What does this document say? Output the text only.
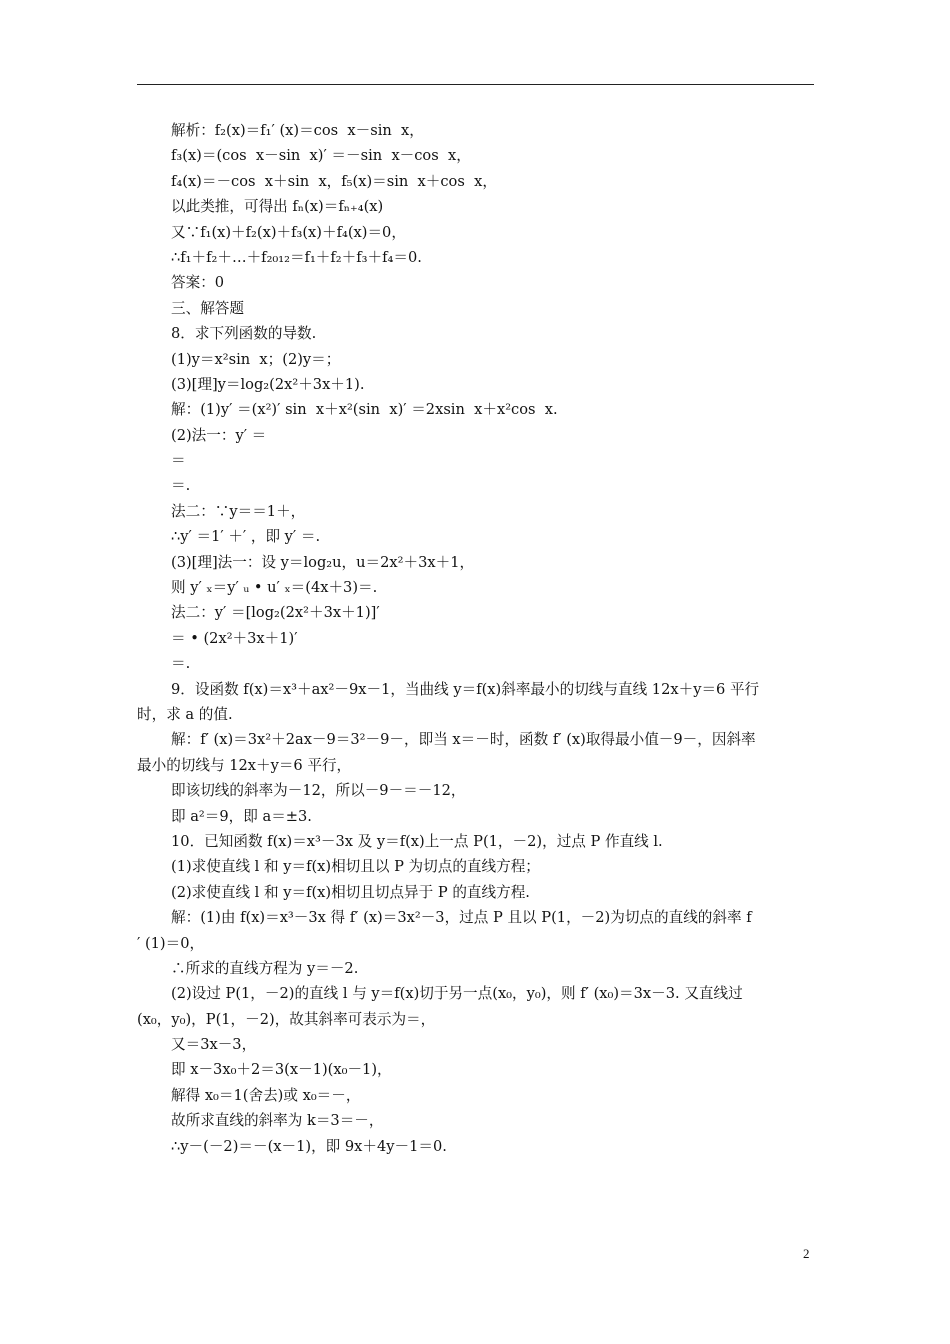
解析：f₂(x)＝f₁′ (x)＝cos  x－sin  x，
f₃(x)＝(cos  x－sin  x)′ ＝－sin  x－cos  x，
f₄(x)＝－cos  x＋sin  x，f₅(x)＝sin  x＋cos  x，
以此类推，可得出 fₙ(x)＝fₙ₊₄(x)
又∵f₁(x)＋f₂(x)＋f₃(x)＋f₄(x)＝0，
∴f₁＋f₂＋…＋f₂₀₁₂＝f₁＋f₂＋f₃＋f₄＝0.
答案：0
三、解答题
8．求下列函数的导数.
(1)y＝x²sin  x；(2)y＝；
(3)[理]y＝log₂(2x²＋3x＋1).
解：(1)y′ ＝(x²)′ sin  x＋x²(sin  x)′ ＝2xsin  x＋x²cos  x.
(2)法一：y′ ＝
＝
＝.
法二：∵y＝＝1＋，
∴y′ ＝1′ ＋′ ，即 y′ ＝.
(3)[理]法一：设 y＝log₂u，u＝2x²＋3x＋1，
则 y′ ₓ＝y′ ᵤ • u′ ₓ＝(4x＋3)＝.
法二：y′ ＝[log₂(2x²＋3x＋1)]′
＝ • (2x²＋3x＋1)′
＝.
9．设函数 f(x)＝x³＋ax²－9x－1，当曲线 y＝f(x)斜率最小的切线与直线 12x＋y＝6 平行
时，求 a 的值.
解：f′ (x)＝3x²＋2ax－9＝3²－9－，即当 x＝－时，函数 f′ (x)取得最小值－9－，因斜率
最小的切线与 12x＋y＝6 平行，
即该切线的斜率为－12，所以－9－＝－12，
即 a²＝9，即 a＝±3.
10．已知函数 f(x)＝x³－3x 及 y＝f(x)上一点 P(1，－2)，过点 P 作直线 l.
(1)求使直线 l 和 y＝f(x)相切且以 P 为切点的直线方程；
(2)求使直线 l 和 y＝f(x)相切且切点异于 P 的直线方程.
解：(1)由 f(x)＝x³－3x 得 f′ (x)＝3x²－3，过点 P 且以 P(1，－2)为切点的直线的斜率 f
′ (1)＝0，
∴所求的直线方程为 y＝－2.
(2)设过 P(1，－2)的直线 l 与 y＝f(x)切于另一点(x₀，y₀)，则 f′ (x₀)＝3x－3. 又直线过
(x₀，y₀)，P(1，－2)，故其斜率可表示为＝，
又＝3x－3，
即 x－3x₀＋2＝3(x－1)(x₀－1)，
解得 x₀＝1(舍去)或 x₀＝－，
故所求直线的斜率为 k＝3＝－，
∴y－(－2)＝－(x－1)，即 9x＋4y－1＝0.
2
